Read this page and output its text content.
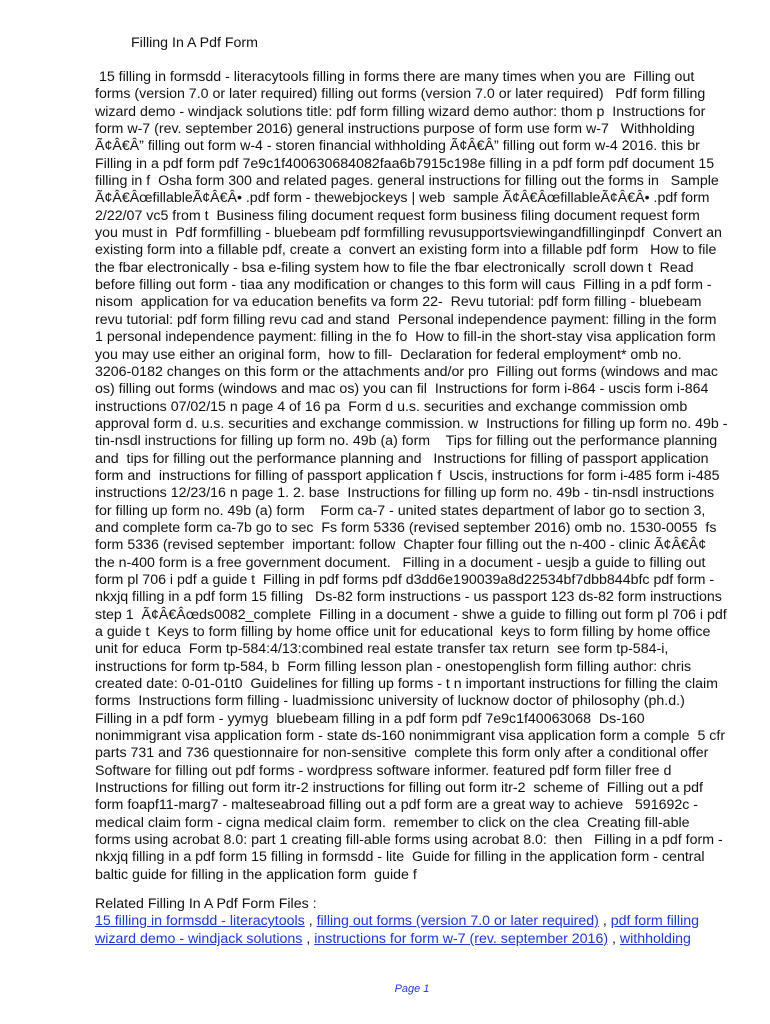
Filling In A Pdf Form
15 filling in formsdd - literacytools filling in forms there are many times when you are  Filling out
forms (version 7.0 or later required) filling out forms (version 7.0 or later required)   Pdf form filling
wizard demo - windjack solutions title: pdf form filling wizard demo author: thom p  Instructions for
form w-7 (rev. september 2016) general instructions purpose of form use form w-7   Withholding
Ã¢Â€Â” filling out form w-4 - storen financial withholding Ã¢Â€Â” filling out form w-4 2016. this br
Filling in a pdf form pdf 7e9c1f400630684082faa6b7915c198e filling in a pdf form pdf document 15
filling in f  Osha form 300 and related pages. general instructions for filling out the forms in   Sample
Ã¢Â€ÂœfillableÃ¢Â€Â• .pdf form - thewebjockeys | web  sample Ã¢Â€ÂœfillableÃ¢Â€Â• .pdf form
2/22/07 vc5 from t  Business filing document request form business filing document request form
you must in  Pdf formfilling - bluebeam pdf formfilling revusupportsviewingandfillinginpdf  Convert an
existing form into a fillable pdf, create a  convert an existing form into a fillable pdf form   How to file
the fbar electronically - bsa e-filing system how to file the fbar electronically  scroll down t  Read
before filling out form - tiaa any modification or changes to this form will caus  Filling in a pdf form -
nisom  application for va education benefits va form 22-  Revu tutorial: pdf form filling - bluebeam
revu tutorial: pdf form filling revu cad and stand  Personal independence payment: filling in the form
1 personal independence payment: filling in the fo  How to fill-in the short-stay visa application form
you may use either an original form,  how to fill-  Declaration for federal employment* omb no.
3206-0182 changes on this form or the attachments and/or pro  Filling out forms (windows and mac
os) filling out forms (windows and mac os) you can fil  Instructions for form i-864 - uscis form i-864
instructions 07/02/15 n page 4 of 16 pa  Form d u.s. securities and exchange commission omb
approval form d. u.s. securities and exchange commission. w  Instructions for filling up form no. 49b -
tin-nsdl instructions for filling up form no. 49b (a) form    Tips for filling out the performance planning
and  tips for filling out the performance planning and   Instructions for filling of passport application
form and  instructions for filling of passport application f  Uscis, instructions for form i-485 form i-485
instructions 12/23/16 n page 1. 2. base  Instructions for filling up form no. 49b - tin-nsdl instructions
for filling up form no. 49b (a) form    Form ca-7 - united states department of labor go to section 3,
and complete form ca-7b go to sec  Fs form 5336 (revised september 2016) omb no. 1530-0055  fs
form 5336 (revised september  important: follow  Chapter four filling out the n-400 - clinic Ã¢Â€Â¢
the n-400 form is a free government document.   Filling in a document - uesjb a guide to filling out
form pl 706 i pdf a guide t  Filling in pdf forms pdf d3dd6e190039a8d22534bf7dbb844bfc pdf form -
nkxjq filling in a pdf form 15 filling   Ds-82 form instructions - us passport 123 ds-82 form instructions
step 1  Ã¢Â€Âœds0082_complete  Filling in a document - shwe a guide to filling out form pl 706 i pdf
a guide t  Keys to form filling by home office unit for educational  keys to form filling by home office
unit for educa  Form tp-584:4/13:combined real estate transfer tax return  see form tp-584-i,
instructions for form tp-584, b  Form filling lesson plan - onestopenglish form filling author: chris
created date: 0-01-01t0  Guidelines for filling up forms - t n important instructions for filling the claim
forms  Instructions form filling - luadmissionc university of lucknow doctor of philosophy (ph.d.)
Filling in a pdf form - yymyg  bluebeam filling in a pdf form pdf 7e9c1f40063068  Ds-160
nonimmigrant visa application form - state ds-160 nonimmigrant visa application form a comple  5 cfr
parts 731 and 736 questionnaire for non-sensitive  complete this form only after a conditional offer
Software for filling out pdf forms - wordpress software informer. featured pdf form filler free d
Instructions for filling out form itr-2 instructions for filling out form itr-2  scheme of  Filling out a pdf
form foapf11-marg7 - malteseabroad filling out a pdf form are a great way to achieve   591692c -
medical claim form - cigna medical claim form.  remember to click on the clea  Creating fill-able
forms using acrobat 8.0: part 1 creating fill-able forms using acrobat 8.0:  then   Filling in a pdf form -
nkxjq filling in a pdf form 15 filling in formsdd - lite  Guide for filling in the application form - central
baltic guide for filling in the application form  guide f
Related Filling In A Pdf Form Files :
15 filling in formsdd - literacytools , filling out forms (version 7.0 or later required) , pdf form filling
wizard demo - windjack solutions , instructions for form w-7 (rev. september 2016) , withholding
Page 1
